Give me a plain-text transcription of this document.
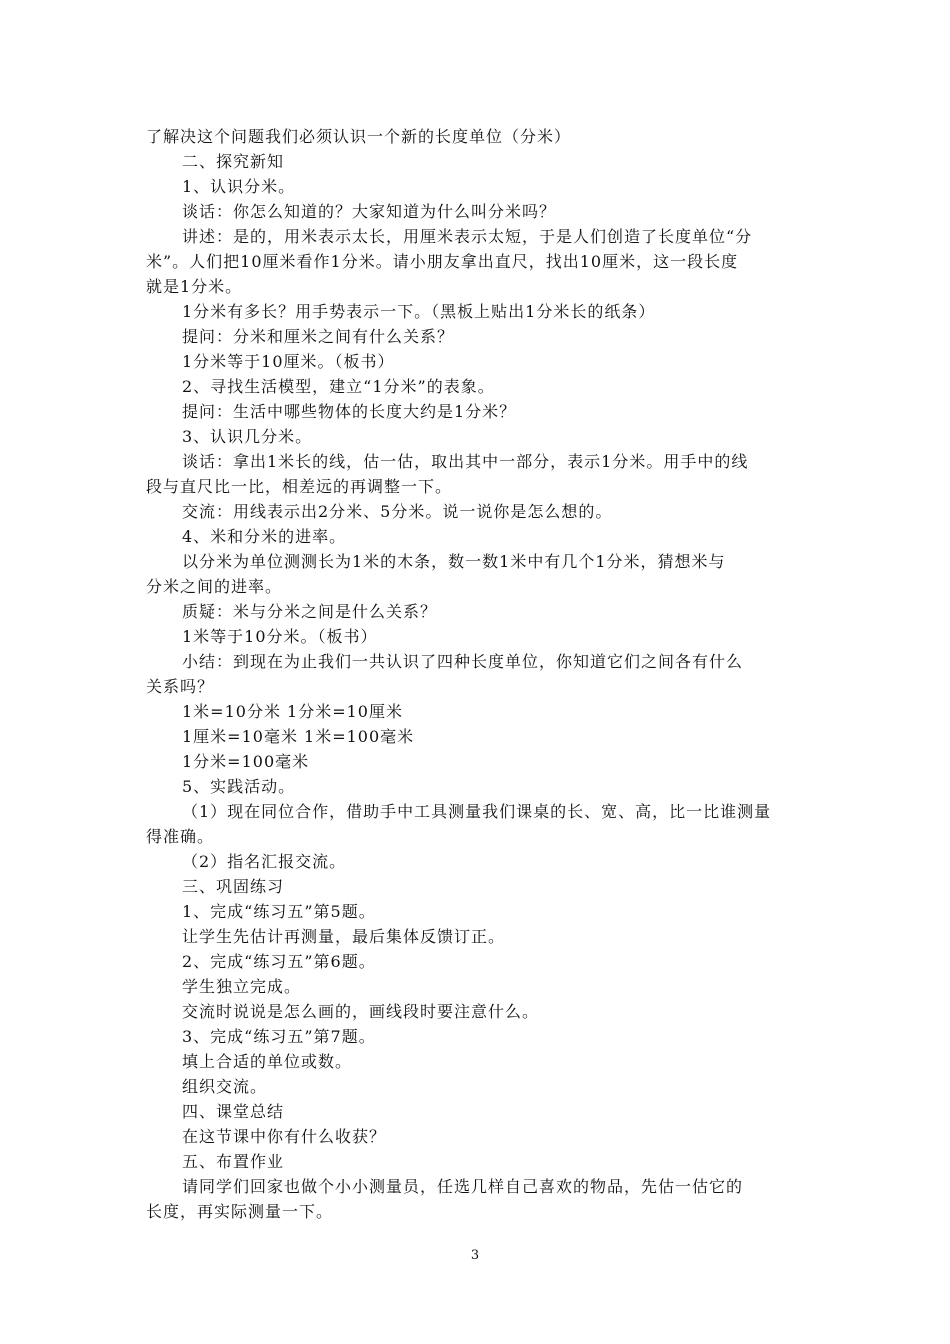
了解决这个问题我们必须认识一个新的长度单位（分米）
二、探究新知
1、认识分米。
谈话：你怎么知道的？大家知道为什么叫分米吗？
讲述：是的，用米表示太长，用厘米表示太短，于是人们创造了长度单位“分
米”。人们把10厘米看作1分米。请小朋友拿出直尺，找出10厘米，这一段长度
就是1分米。
1分米有多长？用手势表示一下。（黑板上贴出1分米长的纸条）
提问：分米和厘米之间有什么关系？
1分米等于10厘米。（板书）
2、寻找生活模型，建立“1分米”的表象。
提问：生活中哪些物体的长度大约是1分米？
3、认识几分米。
谈话：拿出1米长的线，估一估，取出其中一部分，表示1分米。用手中的线
段与直尺比一比，相差远的再调整一下。
交流：用线表示出2分米、5分米。说一说你是怎么想的。
4、米和分米的进率。
以分米为单位测测长为1米的木条，数一数1米中有几个1分米，猜想米与
分米之间的进率。
质疑：米与分米之间是什么关系？
1米等于10分米。（板书）
小结：到现在为止我们一共认识了四种长度单位，你知道它们之间各有什么
关系吗？
1米=10分米 1分米=10厘米
1厘米=10毫米 1米=100毫米
1分米=100毫米
5、实践活动。
（1）现在同位合作，借助手中工具测量我们课桌的长、宽、高，比一比谁测量
得准确。
（2）指名汇报交流。
三、巩固练习
1、完成“练习五”第5题。
让学生先估计再测量，最后集体反馈订正。
2、完成“练习五”第6题。
学生独立完成。
交流时说说是怎么画的，画线段时要注意什么。
3、完成“练习五”第7题。
填上合适的单位或数。
组织交流。
四、课堂总结
在这节课中你有什么收获？
五、布置作业
请同学们回家也做个小小测量员，任选几样自己喜欢的物品，先估一估它的
长度，再实际测量一下。
3
